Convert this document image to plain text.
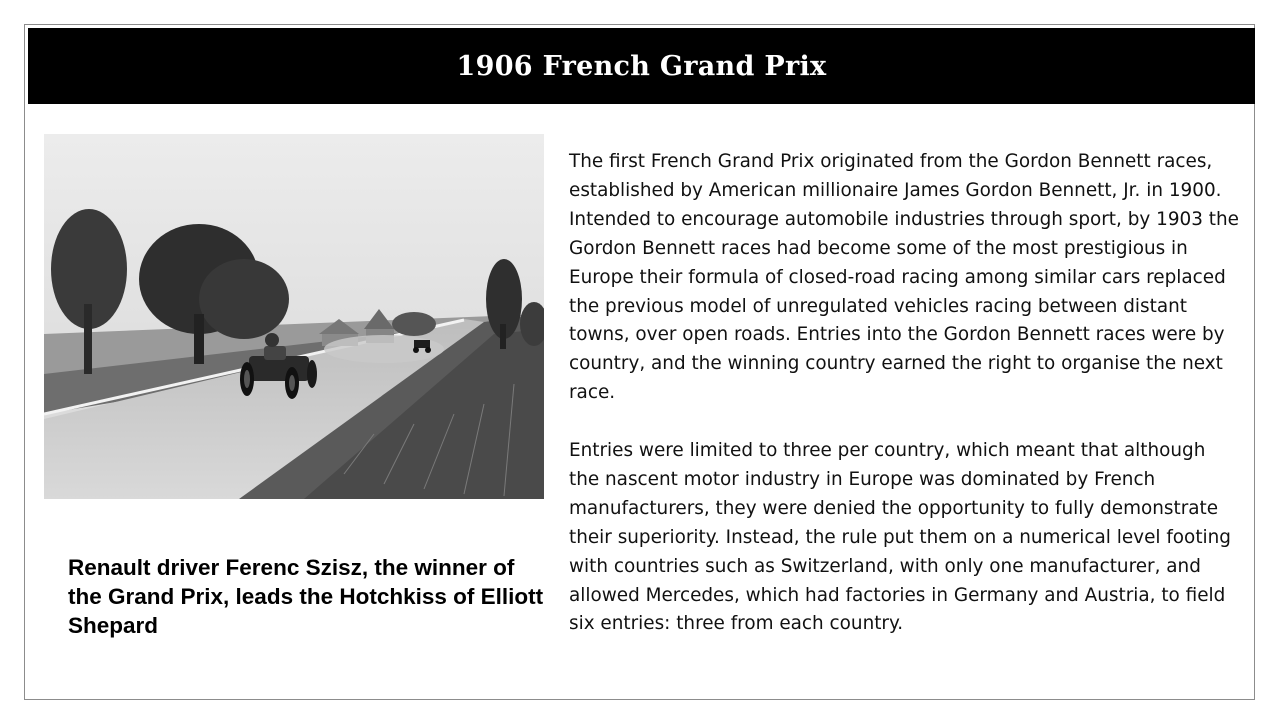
1906 French Grand Prix

Renault driver Ferenc Szisz, the winner of the Grand Prix, leads the Hotchkiss of Elliott Shepard

The first French Grand Prix originated from the Gordon Bennett races, established by American millionaire James Gordon Bennett, Jr. in 1900. Intended to encourage automobile industries through sport, by 1903 the Gordon Bennett races had become some of the most prestigious in Europe their formula of closed-road racing among similar cars replaced the previous model of unregulated vehicles racing between distant towns, over open roads. Entries into the Gordon Bennett races were by country, and the winning country earned the right to organise the next race.

Entries were limited to three per country, which meant that although the nascent motor industry in Europe was dominated by French manufacturers, they were denied the opportunity to fully demonstrate their superiority. Instead, the rule put them on a numerical level footing with countries such as Switzerland, with only one manufacturer, and allowed Mercedes, which had factories in Germany and Austria, to field six entries: three from each country.
